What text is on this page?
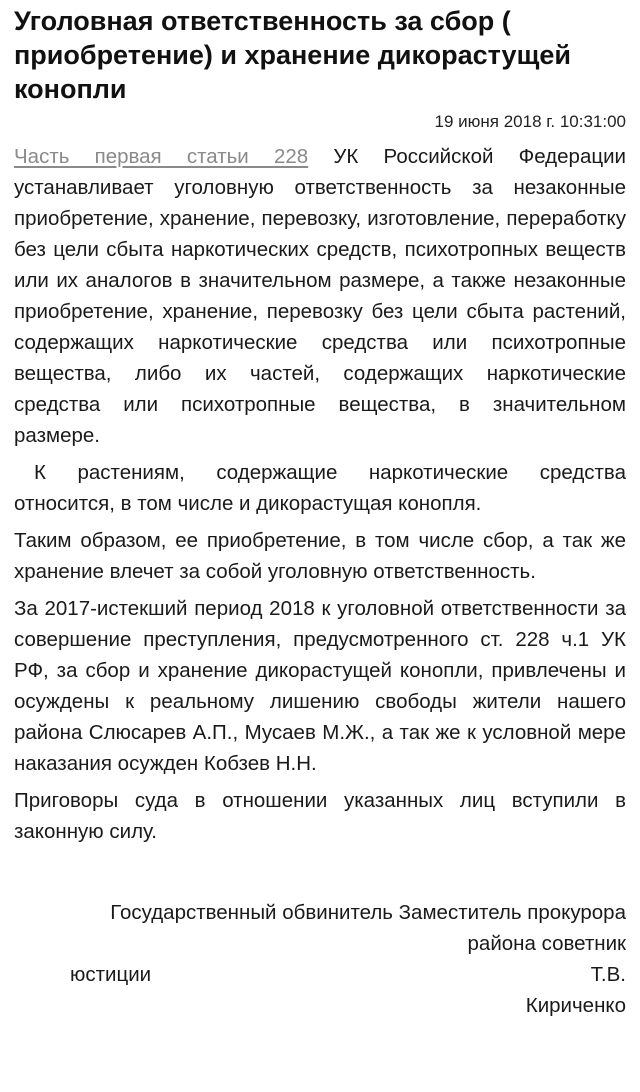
Уголовная ответственность за сбор ( приобретение) и хранение дикорастущей конопли
19 июня 2018 г. 10:31:00

Часть первая статьи 228 УК Российской Федерации устанавливает уголовную ответственность за незаконные приобретение, хранение, перевозку, изготовление, переработку без цели сбыта наркотических средств, психотропных веществ или их аналогов в значительном размере, а также незаконные приобретение, хранение, перевозку без цели сбыта растений, содержащих наркотические средства или психотропные вещества, либо их частей, содержащих наркотические средства или психотропные вещества, в значительном размере.

К растениям, содержащие наркотические средства относится, в том числе и дикорастущая конопля.

Таким образом, ее приобретение, в том числе сбор, а так же хранение влечет за собой уголовную ответственность.

За 2017-истекший период 2018 к уголовной ответственности за совершение преступления, предусмотренного ст. 228 ч.1 УК РФ, за сбор и хранение дикорастущей конопли, привлечены и осуждены к реальному лишению свободы жители нашего района Слюсарев А.П., Мусаев М.Ж., а так же к условной мере наказания осужден Кобзев Н.Н.

Приговоры суда в отношении указанных лиц вступили в законную силу.

Государственный обвинитель Заместитель прокурора
района советник
юстиции	Т.В.
Кириченко
